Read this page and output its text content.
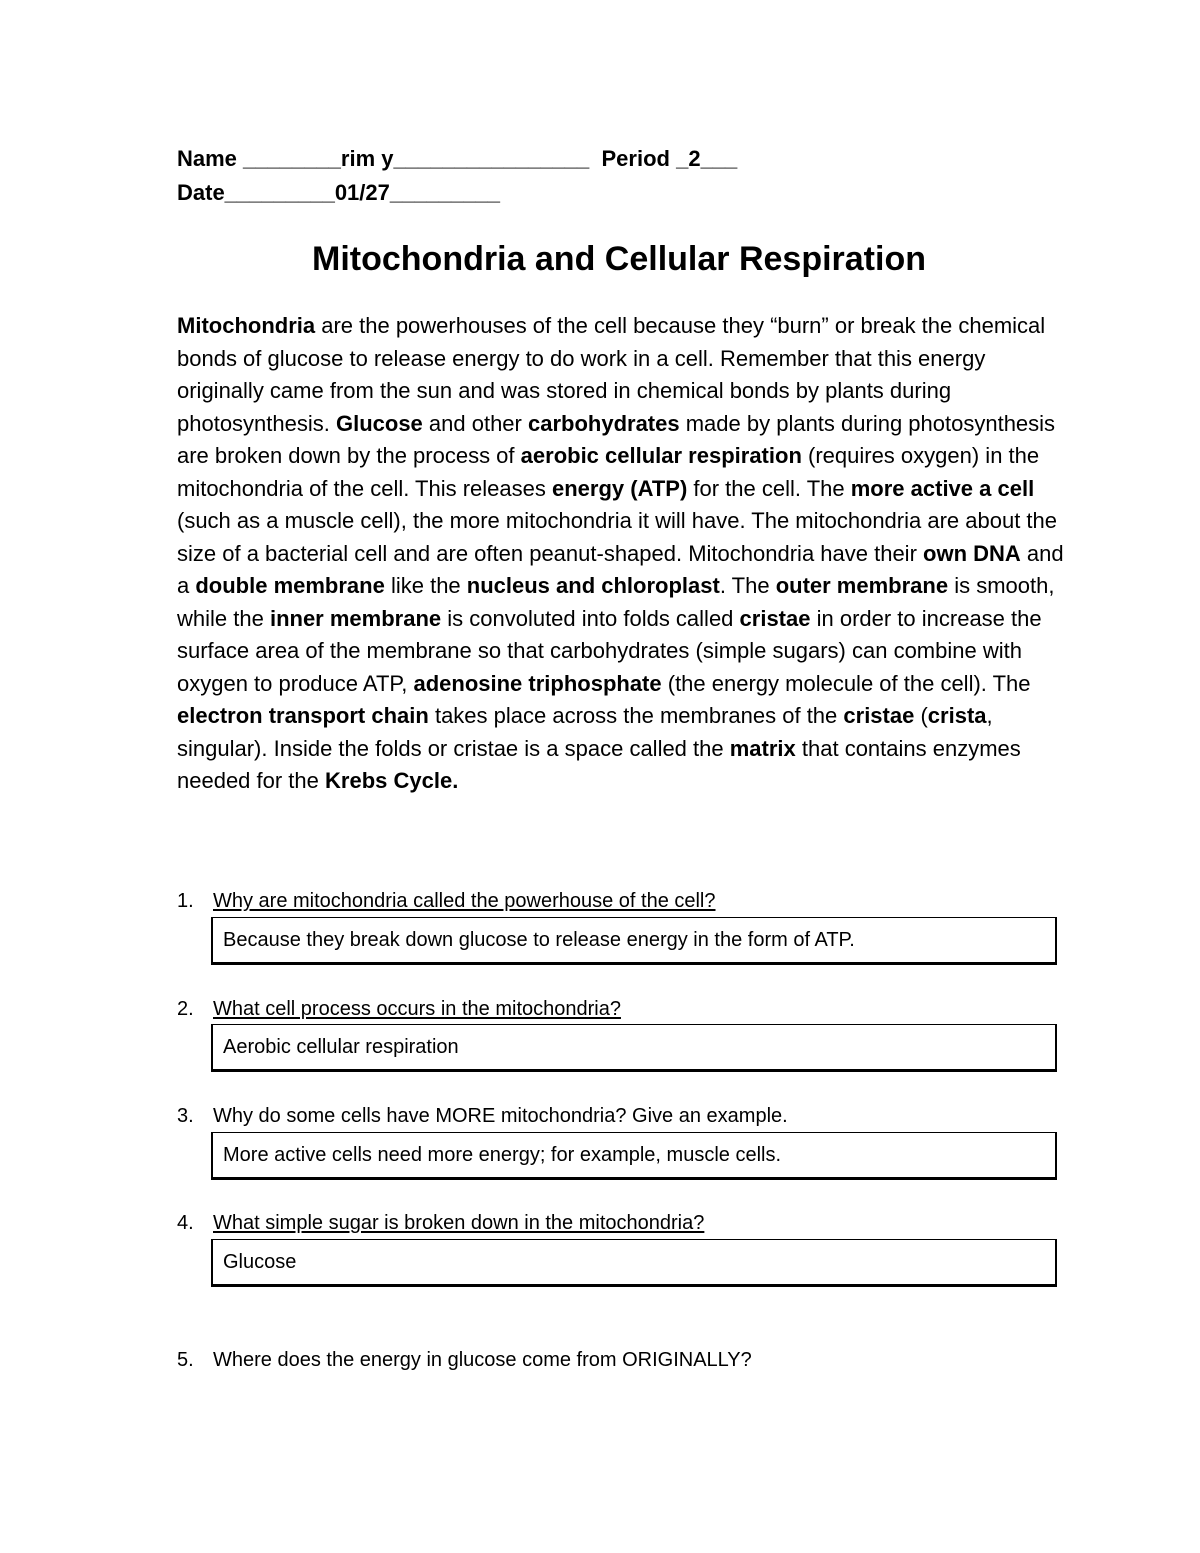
Name ________rim y________________  Period _2___
Date_________01/27_________
Mitochondria and Cellular Respiration
Mitochondria are the powerhouses of the cell because they “burn” or break the chemical bonds of glucose to release energy to do work in a cell. Remember that this energy originally came from the sun and was stored in chemical bonds by plants during photosynthesis. Glucose and other carbohydrates made by plants during photosynthesis are broken down by the process of aerobic cellular respiration (requires oxygen) in the mitochondria of the cell. This releases energy (ATP) for the cell. The more active a cell (such as a muscle cell), the more mitochondria it will have. The mitochondria are about the size of a bacterial cell and are often peanut-shaped. Mitochondria have their own DNA and a double membrane like the nucleus and chloroplast. The outer membrane is smooth, while the inner membrane is convoluted into folds called cristae in order to increase the surface area of the membrane so that carbohydrates (simple sugars) can combine with oxygen to produce ATP, adenosine triphosphate (the energy molecule of the cell). The electron transport chain takes place across the membranes of the cristae (crista, singular). Inside the folds or cristae is a space called the matrix that contains enzymes needed for the Krebs Cycle.
1. Why are mitochondria called the powerhouse of the cell?
Because they break down glucose to release energy in the form of ATP.
2. What cell process occurs in the mitochondria?
Aerobic cellular respiration
3. Why do some cells have MORE mitochondria? Give an example.
More active cells need more energy; for example, muscle cells.
4. What simple sugar is broken down in the mitochondria?
Glucose
5. Where does the energy in glucose come from ORIGINALLY?
